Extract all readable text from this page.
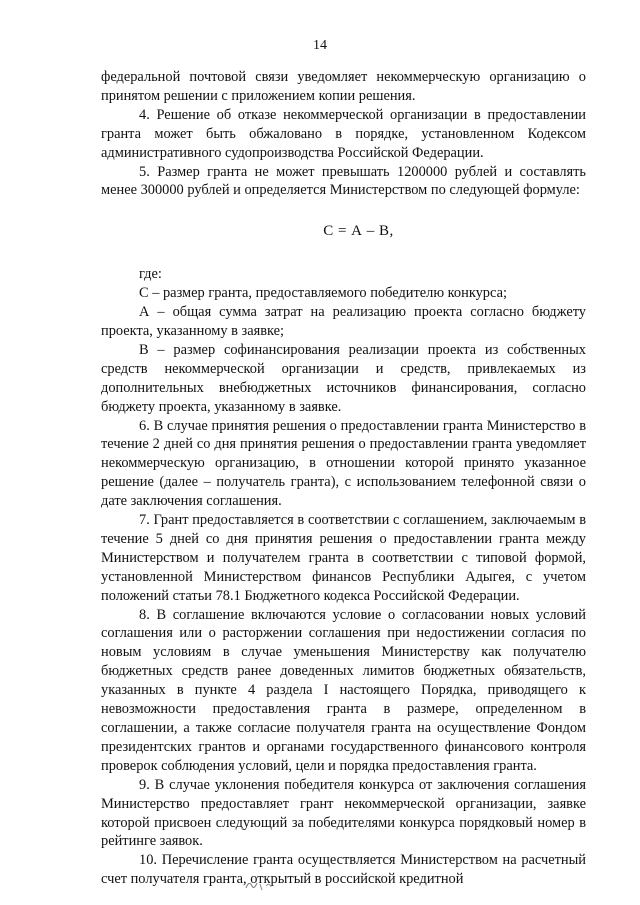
14

федеральной почтовой связи уведомляет некоммерческую организацию о принятом решении с приложением копии решения.

4. Решение об отказе некоммерческой организации в предоставлении гранта может быть обжаловано в порядке, установленном Кодексом административного судопроизводства Российской Федерации.

5. Размер гранта не может превышать 1200000 рублей и составлять менее 300000 рублей и определяется Министерством по следующей формуле:

С = А – В,

где:

С – размер гранта, предоставляемого победителю конкурса;

А – общая сумма затрат на реализацию проекта согласно бюджету проекта, указанному в заявке;

В – размер софинансирования реализации проекта из собственных средств некоммерческой организации и средств, привлекаемых из дополнительных внебюджетных источников финансирования, согласно бюджету проекта, указанному в заявке.

6. В случае принятия решения о предоставлении гранта Министерство в течение 2 дней со дня принятия решения о предоставлении гранта уведомляет некоммерческую организацию, в отношении которой принято указанное решение (далее – получатель гранта), с использованием телефонной связи о дате заключения соглашения.

7. Грант предоставляется в соответствии с соглашением, заключаемым в течение 5 дней со дня принятия решения о предоставлении гранта между Министерством и получателем гранта в соответствии с типовой формой, установленной Министерством финансов Республики Адыгея, с учетом положений статьи 78.1 Бюджетного кодекса Российской Федерации.

8. В соглашение включаются условие о согласовании новых условий соглашения или о расторжении соглашения при недостижении согласия по новым условиям в случае уменьшения Министерству как получателю бюджетных средств ранее доведенных лимитов бюджетных обязательств, указанных в пункте 4 раздела I настоящего Порядка, приводящего к невозможности предоставления гранта в размере, определенном в соглашении, а также согласие получателя гранта на осуществление Фондом президентских грантов и органами государственного финансового контроля проверок соблюдения условий, цели и порядка предоставления гранта.

9. В случае уклонения победителя конкурса от заключения соглашения Министерство предоставляет грант некоммерческой организации, заявке которой присвоен следующий за победителями конкурса порядковый номер в рейтинге заявок.

10. Перечисление гранта осуществляется Министерством на расчетный счет получателя гранта, открытый в российской кредитной
